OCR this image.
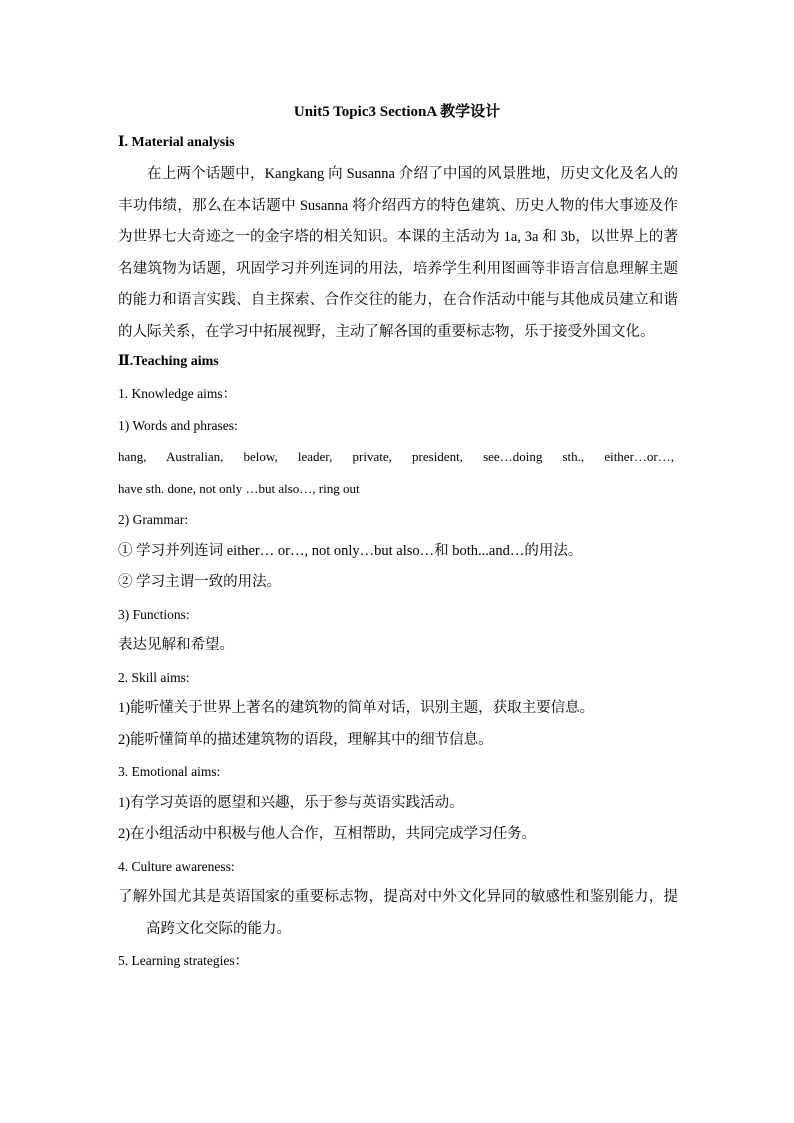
Unit5 Topic3 SectionA 教学设计
Ⅰ. Material analysis
在上两个话题中，Kangkang 向 Susanna 介绍了中国的风景胜地，历史文化及名人的丰功伟绩，那么在本话题中 Susanna 将介绍西方的特色建筑、历史人物的伟大事迹及作为世界七大奇迹之一的金字塔的相关知识。本课的主活动为 1a, 3a 和 3b，以世界上的著名建筑物为话题，巩固学习并列连词的用法，培养学生利用图画等非语言信息理解主题的能力和语言实践、自主探索、合作交往的能力，在合作活动中能与其他成员建立和谐的人际关系，在学习中拓展视野，主动了解各国的重要标志物，乐于接受外国文化。
Ⅱ.Teaching aims
1. Knowledge aims：
1) Words and phrases:
hang, Australian, below, leader, private, president, see…doing sth., either…or…,
have sth. done, not only …but also…, ring out
2) Grammar:
① 学习并列连词 either… or…, not only…but also…和 both...and…的用法。
② 学习主谓一致的用法。
3) Functions:
表达见解和希望。
2. Skill aims:
1)能听懂关于世界上著名的建筑物的简单对话，识别主题，获取主要信息。
2)能听懂简单的描述建筑物的语段，理解其中的细节信息。
3. Emotional aims:
1)有学习英语的愿望和兴趣，乐于参与英语实践活动。
2)在小组活动中积极与他人合作，互相帮助，共同完成学习任务。
4. Culture awareness:
了解外国尤其是英语国家的重要标志物，提高对中外文化异同的敏感性和鉴别能力，提高跨文化交际的能力。
5. Learning strategies：
